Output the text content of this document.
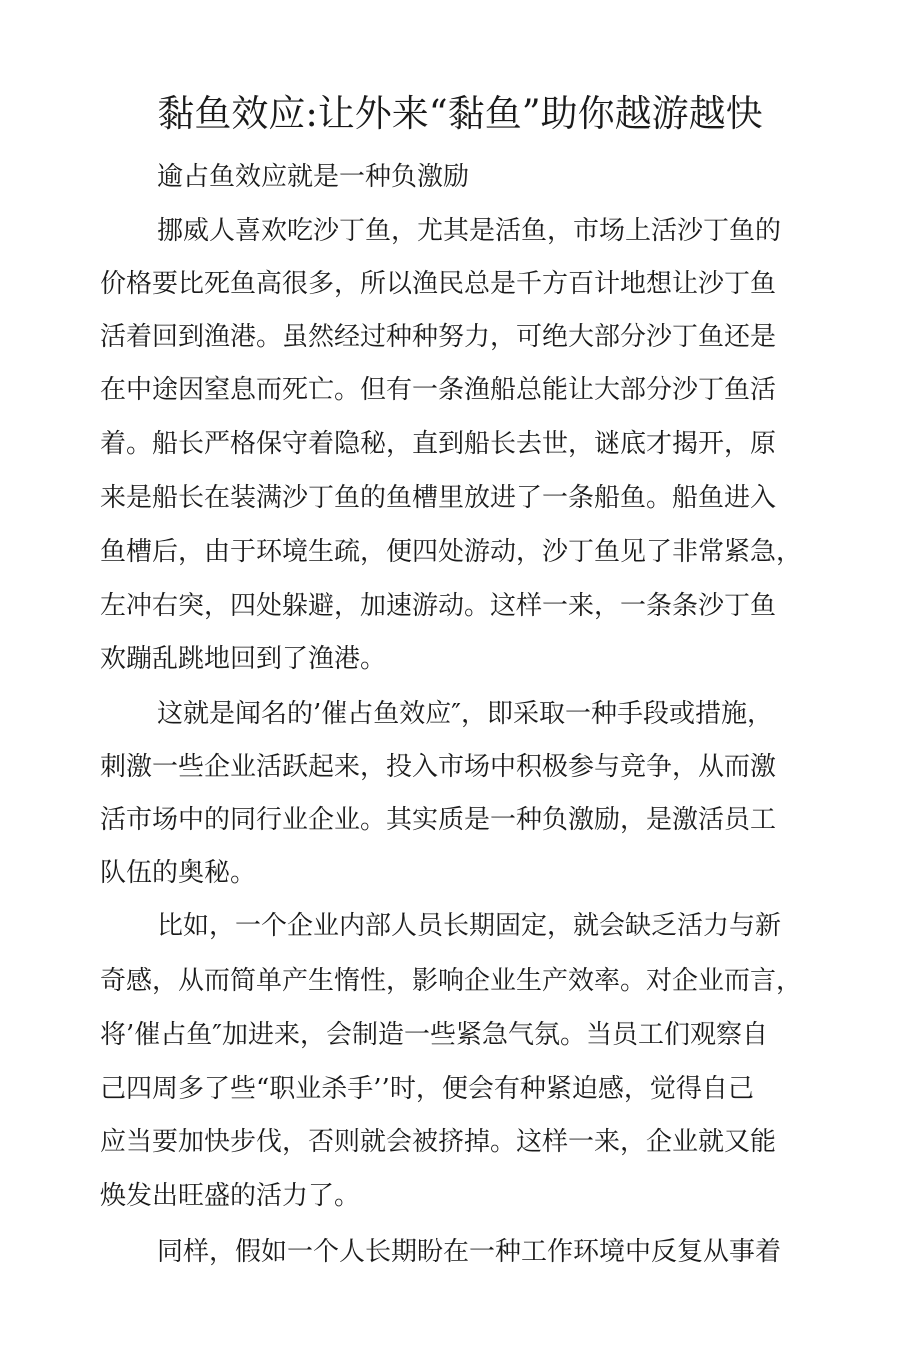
黏鱼效应:让外来“黏鱼”助你越游越快
逾占鱼效应就是一种负激励
挪威人喜欢吃沙丁鱼，尤其是活鱼，市场上活沙丁鱼的
价格要比死鱼高很多，所以渔民总是千方百计地想让沙丁鱼
活着回到渔港。虽然经过种种努力，可绝大部分沙丁鱼还是
在中途因窒息而死亡。但有一条渔船总能让大部分沙丁鱼活
着。船长严格保守着隐秘，直到船长去世，谜底才揭开，原
来是船长在装满沙丁鱼的鱼槽里放进了一条船鱼。船鱼进入
鱼槽后，由于环境生疏，便四处游动，沙丁鱼见了非常紧急，
左冲右突，四处躲避，加速游动。这样一来，一条条沙丁鱼
欢蹦乱跳地回到了渔港。
这就是闻名的’催占鱼效应″，即采取一种手段或措施，
刺激一些企业活跃起来，投入市场中积极参与竞争，从而激
活市场中的同行业企业。其实质是一种负激励，是激活员工
队伍的奥秘。
比如，一个企业内部人员长期固定，就会缺乏活力与新
奇感，从而简单产生惰性，影响企业生产效率。对企业而言，
将’催占鱼″加进来，会制造一些紧急气氛。当员工们观察自
己四周多了些“职业杀手’’时，便会有种紧迫感，觉得自己
应当要加快步伐，否则就会被挤掉。这样一来，企业就又能
焕发出旺盛的活力了。
同样，假如一个人长期盼在一种工作环境中反复从事着
